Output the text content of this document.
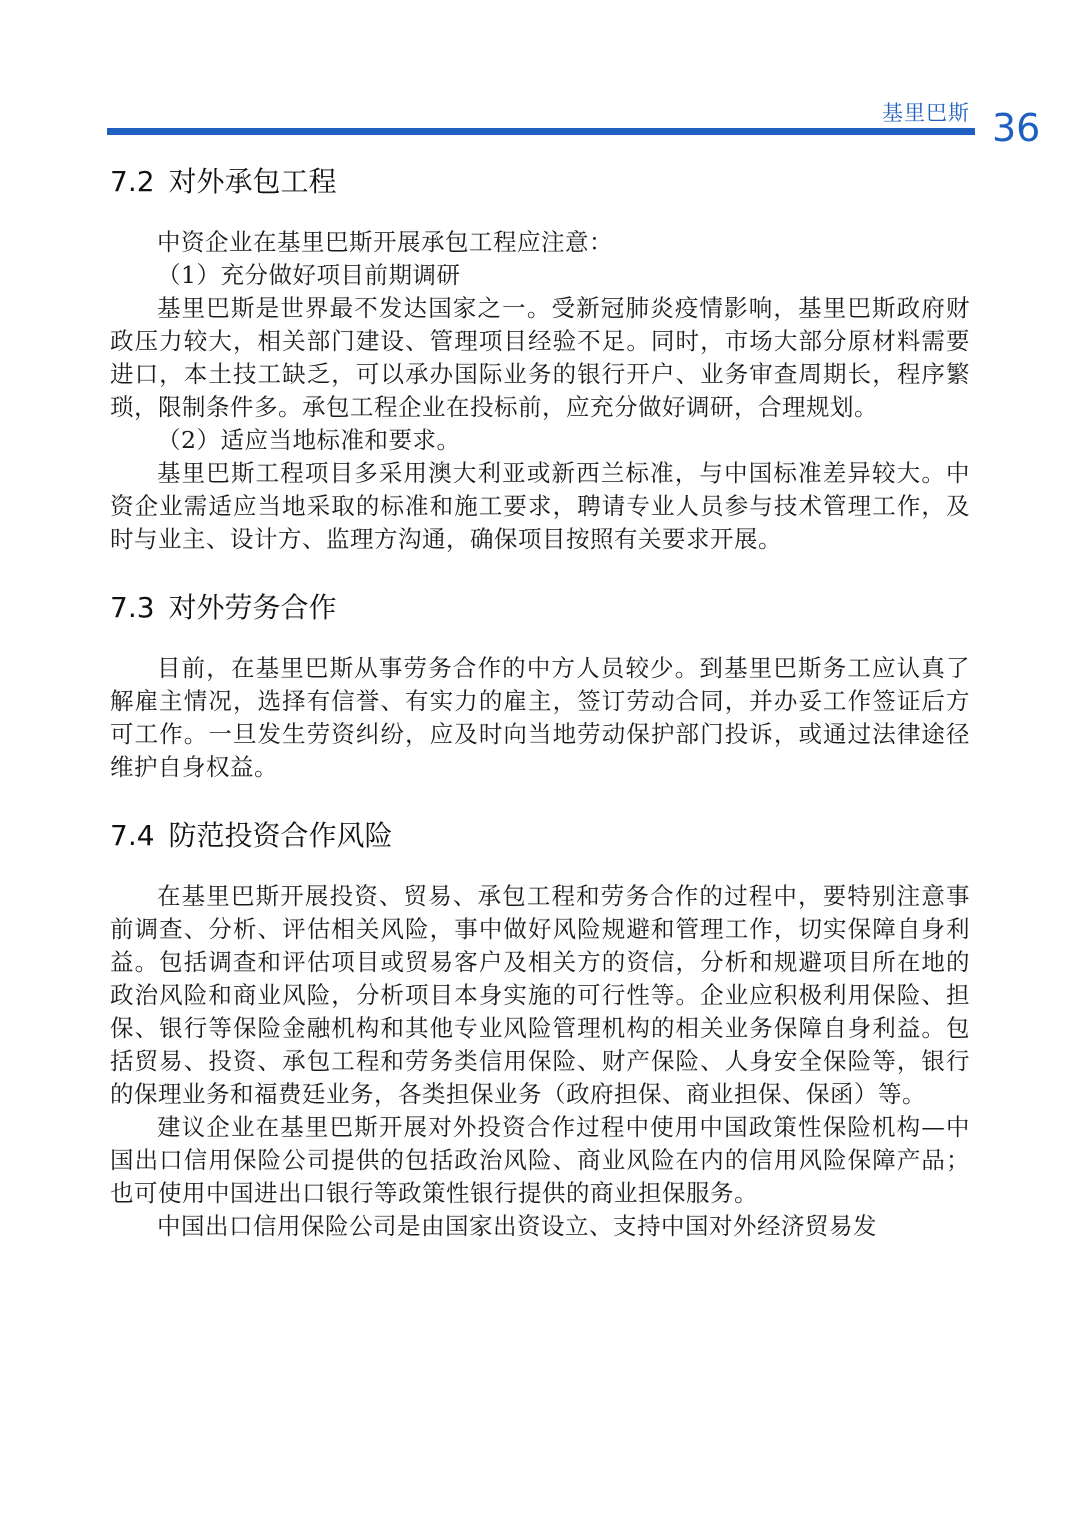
基里巴斯 36
7.2 对外承包工程

中资企业在基里巴斯开展承包工程应注意：

（1）充分做好项目前期调研

基里巴斯是世界最不发达国家之一。受新冠肺炎疫情影响，基里巴斯政府财政压力较大，相关部门建设、管理项目经验不足。同时，市场大部分原材料需要进口，本土技工缺乏，可以承办国际业务的银行开户、业务审查周期长，程序繁琐，限制条件多。承包工程企业在投标前，应充分做好调研，合理规划。

（2）适应当地标准和要求。

基里巴斯工程项目多采用澳大利亚或新西兰标准，与中国标准差异较大。中资企业需适应当地采取的标准和施工要求，聘请专业人员参与技术管理工作，及时与业主、设计方、监理方沟通，确保项目按照有关要求开展。

7.3 对外劳务合作

目前，在基里巴斯从事劳务合作的中方人员较少。到基里巴斯务工应认真了解雇主情况，选择有信誉、有实力的雇主，签订劳动合同，并办妥工作签证后方可工作。一旦发生劳资纠纷，应及时向当地劳动保护部门投诉，或通过法律途径维护自身权益。

7.4 防范投资合作风险

在基里巴斯开展投资、贸易、承包工程和劳务合作的过程中，要特别注意事前调查、分析、评估相关风险，事中做好风险规避和管理工作，切实保障自身利益。包括调查和评估项目或贸易客户及相关方的资信，分析和规避项目所在地的政治风险和商业风险，分析项目本身实施的可行性等。企业应积极利用保险、担保、银行等保险金融机构和其他专业风险管理机构的相关业务保障自身利益。包括贸易、投资、承包工程和劳务类信用保险、财产保险、人身安全保险等，银行的保理业务和福费廷业务，各类担保业务（政府担保、商业担保、保函）等。

建议企业在基里巴斯开展对外投资合作过程中使用中国政策性保险机构—中国出口信用保险公司提供的包括政治风险、商业风险在内的信用风险保障产品；也可使用中国进出口银行等政策性银行提供的商业担保服务。

中国出口信用保险公司是由国家出资设立、支持中国对外经济贸易发
